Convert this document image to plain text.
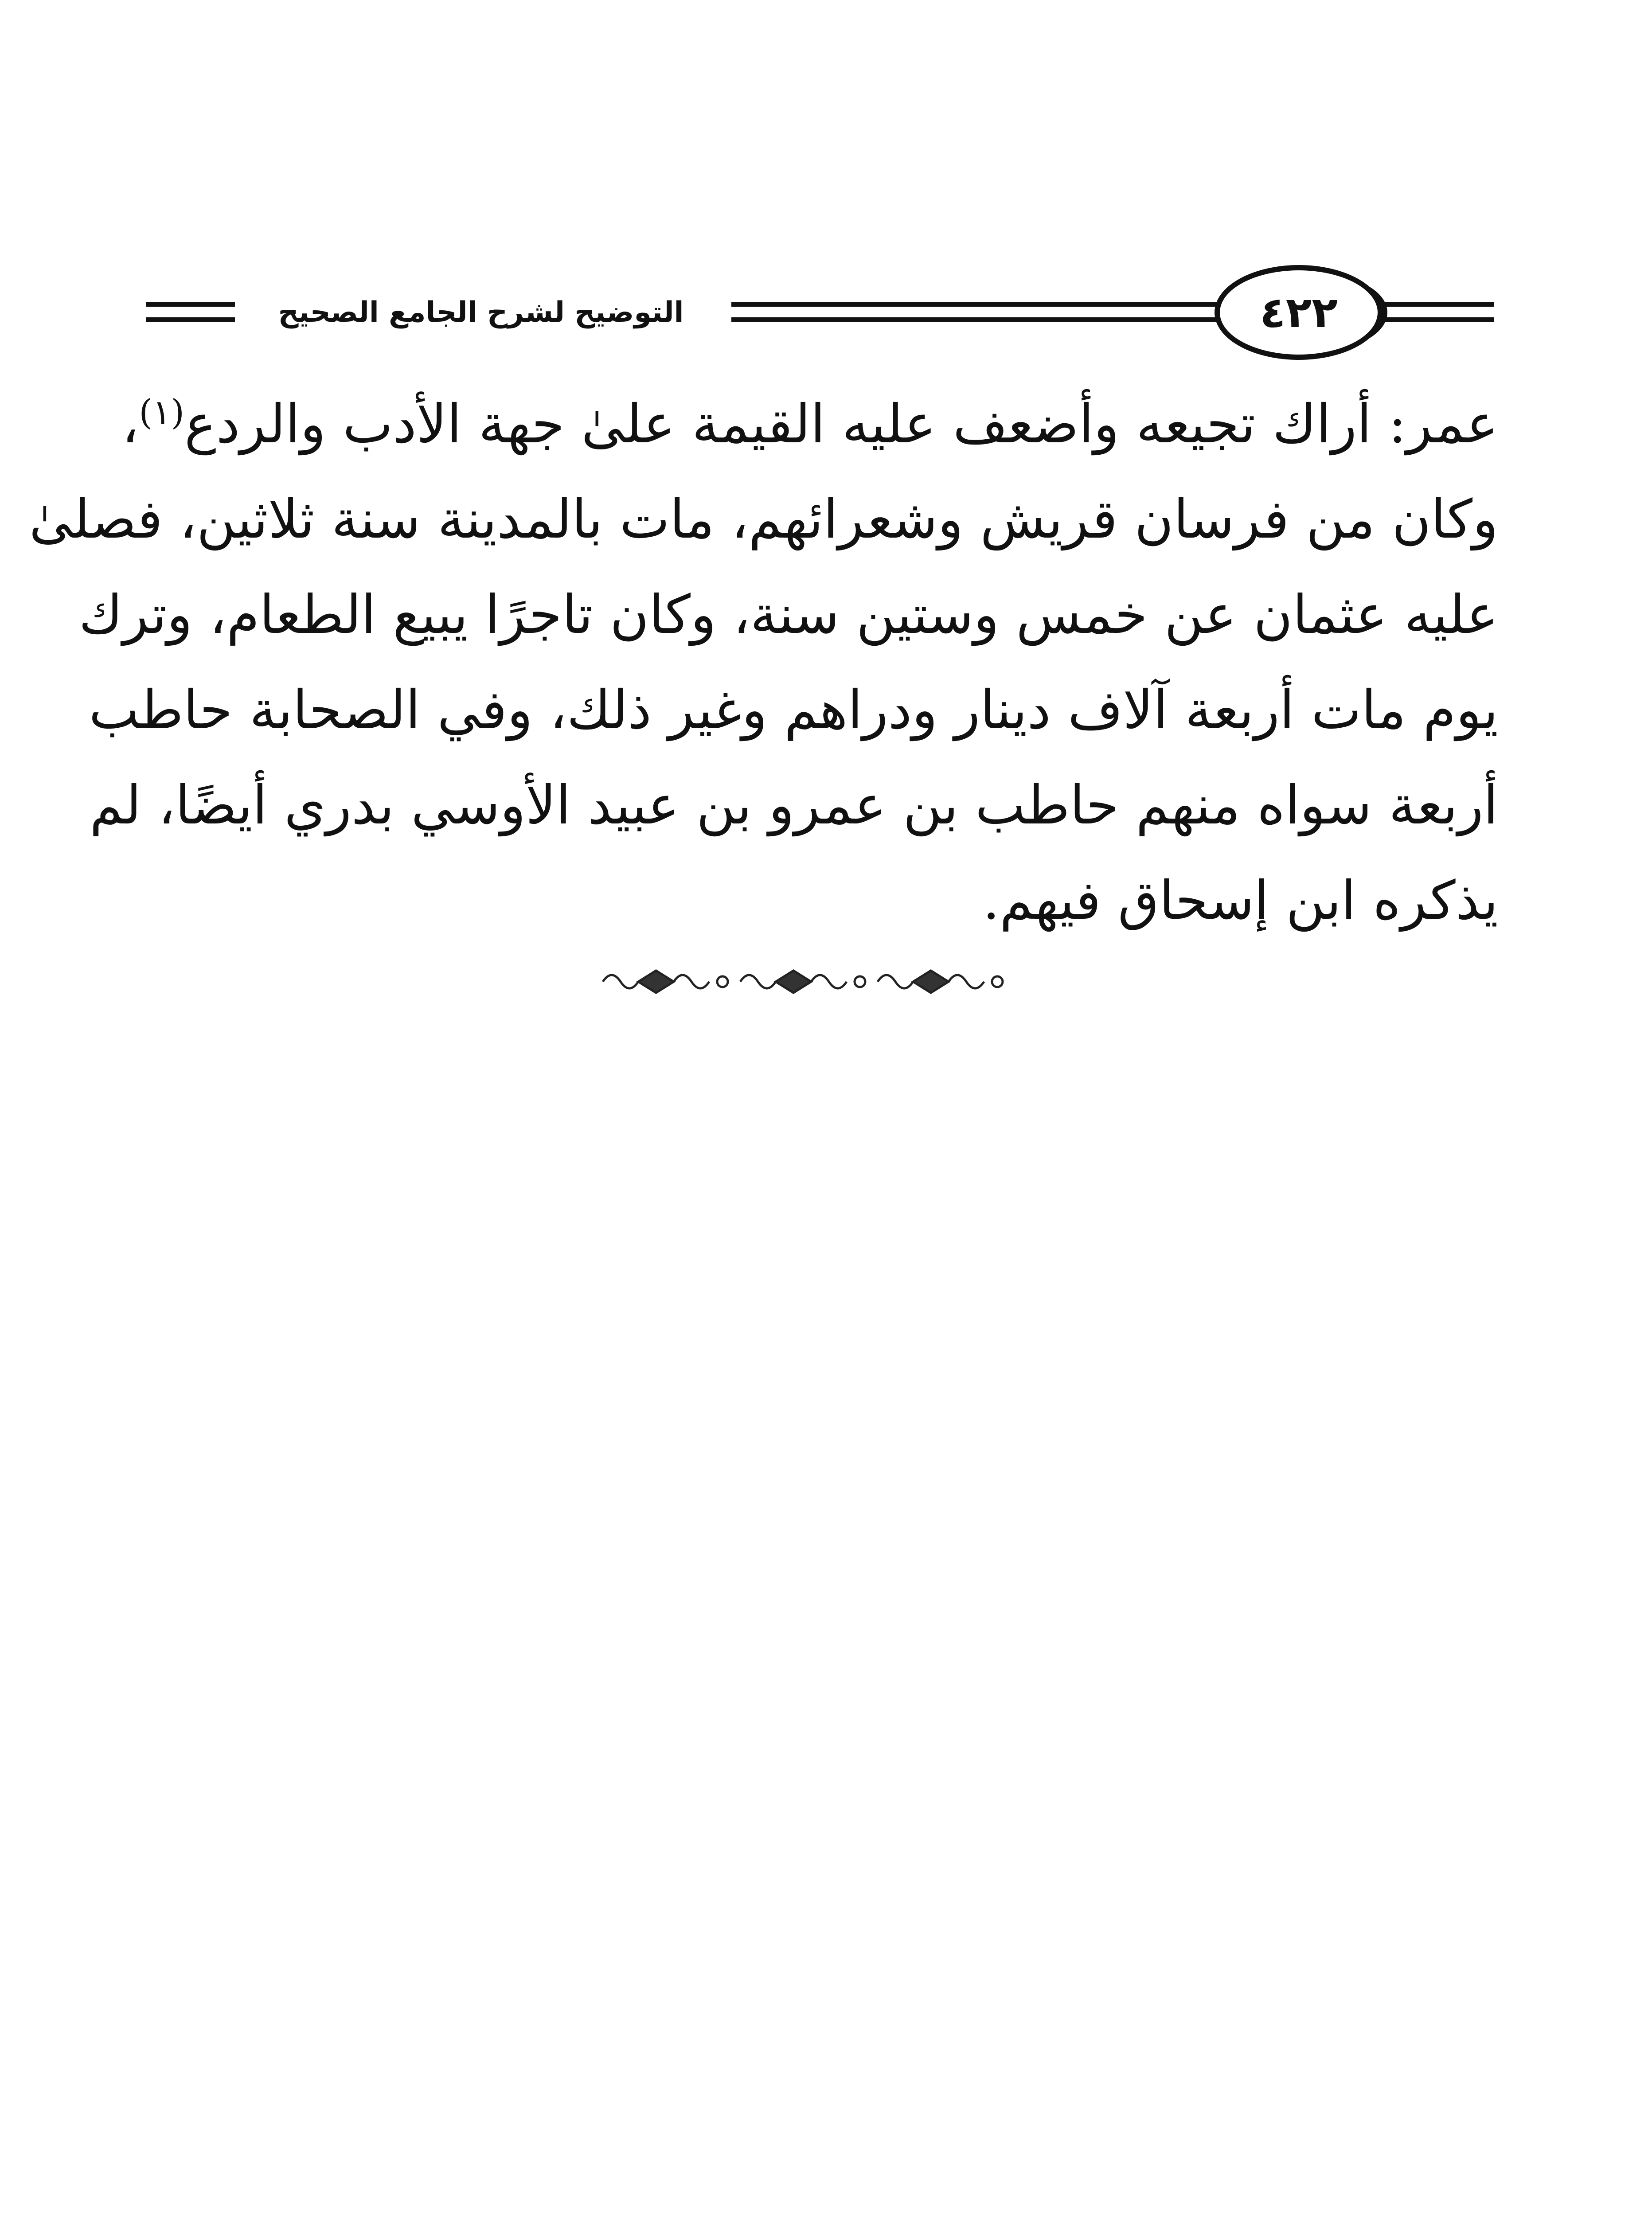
التوضيح لشرح الجامع الصحيح	٤٢٢
عمر: أراك تجيعه وأضعف عليه القيمة علىٰ جهة الأدب والردع$^{(١)}$،
وكان من فرسان قريش وشعرائهم، مات بالمدينة سنة ثلاثين، فصلىٰ
عليه عثمان عن خمس وستين سنة، وكان تاجرًا يبيع الطعام، وترك
يوم مات أربعة آلاف دينار ودراهم وغير ذلك، وفي الصحابة حاطب
أربعة سواه منهم حاطب بن عمرو بن عبيد الأوسي بدري أيضًا، لم
يذكره ابن إسحاق فيهم.
